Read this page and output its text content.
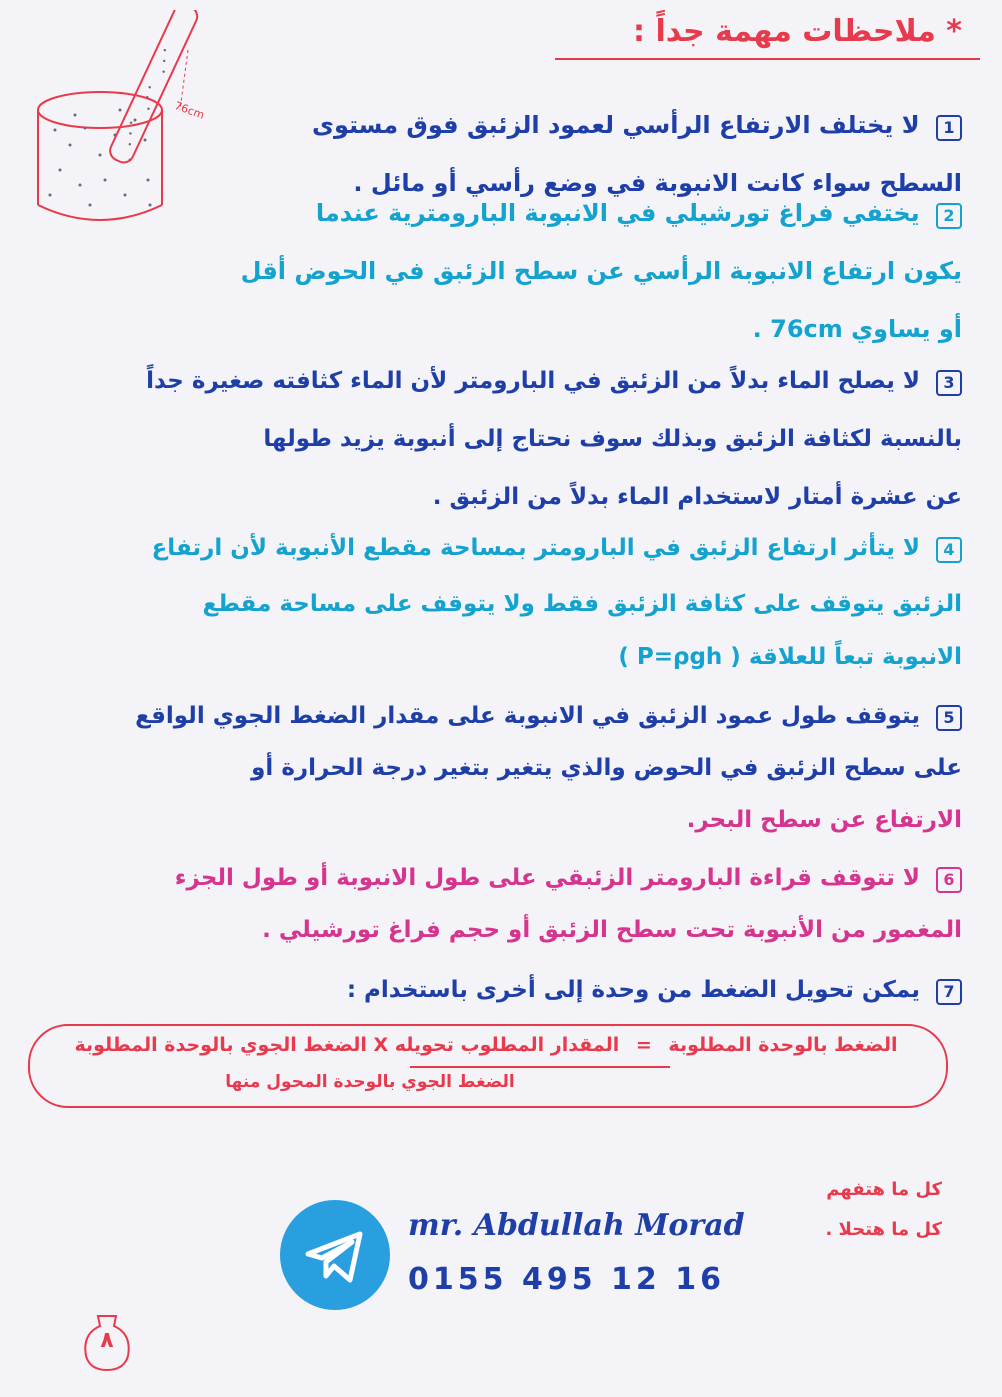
76cm
* ملاحظات مهمة جداً :
1 لا يختلف الارتفاع الرأسي لعمود الزئبق فوق مستوى
السطح سواء كانت الانبوبة في وضع رأسي أو مائل .
2 يختفي فراغ تورشيلي في الانبوبة البارومترية عندما
يكون ارتفاع الانبوبة الرأسي عن سطح الزئبق في الحوض أقل
أو يساوي 76cm .
3 لا يصلح الماء بدلاً من الزئبق في البارومتر لأن الماء كثافته صغيرة جداً
بالنسبة لكثافة الزئبق وبذلك سوف نحتاج إلى أنبوبة يزيد طولها
عن عشرة أمتار لاستخدام الماء بدلاً من الزئبق .
4 لا يتأثر ارتفاع الزئبق في البارومتر بمساحة مقطع الأنبوبة لأن ارتفاع
الزئبق يتوقف على كثافة الزئبق فقط ولا يتوقف على مساحة مقطع
الانبوبة تبعاً للعلاقة ( P=ρgh )
5 يتوقف طول عمود الزئبق في الانبوبة على مقدار الضغط الجوي الواقع
على سطح الزئبق في الحوض والذي يتغير بتغير درجة الحرارة أو
الارتفاع عن سطح البحر.
6 لا تتوقف قراءة البارومتر الزئبقي على طول الانبوبة أو طول الجزء
المغمور من الأنبوبة تحت سطح الزئبق أو حجم فراغ تورشيلي .
7 يمكن تحويل الضغط من وحدة إلى أخرى باستخدام :
الضغط بالوحدة المطلوبة = المقدار المطلوب تحويله X الضغط الجوي بالوحدة المطلوبة
الضغط الجوي بالوحدة المحول منها
كل ما هتفهم
كل ما هتحلا .
mr. Abdullah Morad
0155 495 12 16
٨
